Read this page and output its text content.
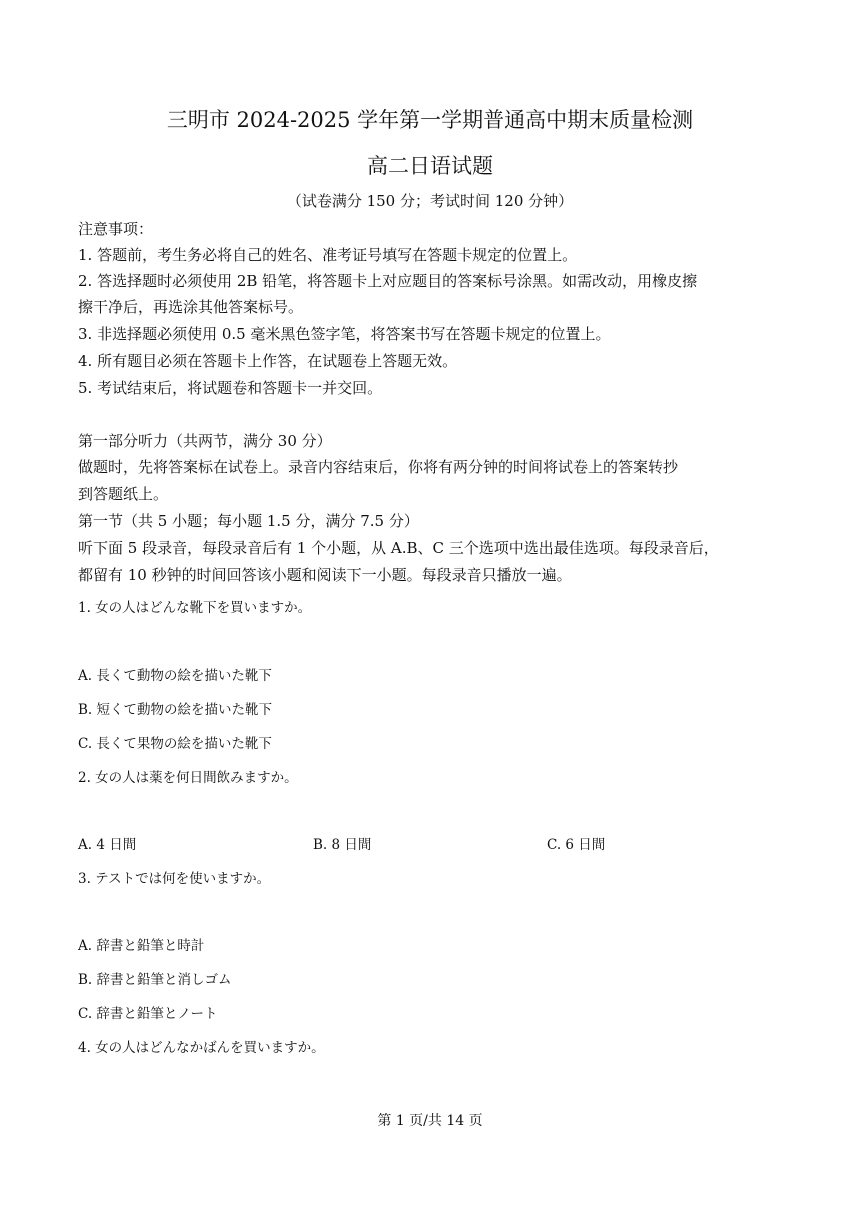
三明市 2024-2025 学年第一学期普通高中期末质量检测
高二日语试题
（试卷满分 150 分；考试时间 120 分钟）
注意事项：
1. 答题前，考生务必将自己的姓名、准考证号填写在答题卡规定的位置上。
2. 答选择题时必须使用 2B 铅笔，将答题卡上对应题目的答案标号涂黑。如需改动，用橡皮擦
擦干净后，再选涂其他答案标号。
3. 非选择题必须使用 0.5 毫米黑色签字笔，将答案书写在答题卡规定的位置上。
4. 所有题目必须在答题卡上作答，在试题卷上答题无效。
5. 考试结束后，将试题卷和答题卡一并交回。
第一部分听力（共两节，满分 30 分）
做题时，先将答案标在试卷上。录音内容结束后，你将有两分钟的时间将试卷上的答案转抄
到答题纸上。
第一节（共 5 小题；每小题 1.5 分，满分 7.5 分）
听下面 5 段录音，每段录音后有 1 个小题，从 A.B、C 三个选项中选出最佳选项。每段录音后，
都留有 10 秒钟的时间回答该小题和阅读下一小题。每段录音只播放一遍。
1. 女の人はどんな靴下を買いますか。
A. 長くて動物の絵を描いた靴下
B. 短くて動物の絵を描いた靴下
C. 長くて果物の絵を描いた靴下
2. 女の人は薬を何日間飲みますか。
A. 4 日間	B. 8 日間	C. 6 日間
3. テストでは何を使いますか。
A. 辞書と鉛筆と時計
B. 辞書と鉛筆と消しゴム
C. 辞書と鉛筆とノート
4. 女の人はどんなかばんを買いますか。
第 1 页/共 14 页
